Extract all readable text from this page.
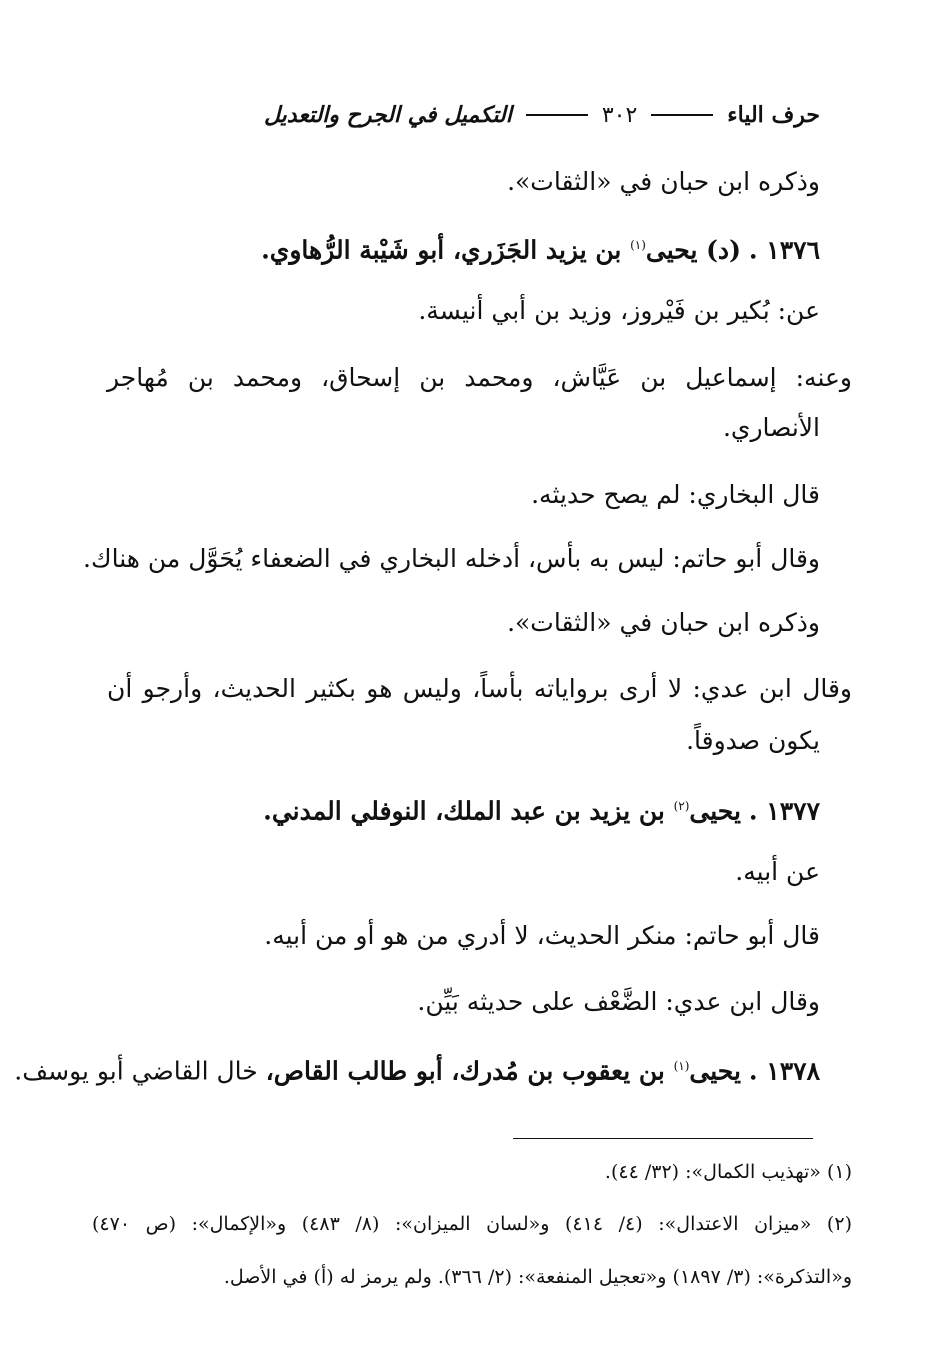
حرف الياء
٣٠٢
التكميل في الجرح والتعديل
وذكره ابن حبان في «الثقات».
١٣٧٦ . (د) يحيى$^{(١)}$ بن يزيد الجَزَري، أبو شَيْبة الرُّهاوي.
عن: بُكير بن فَيْروز، وزيد بن أبي أنيسة.
وعنه: إسماعيل بن عَيَّاش، ومحمد بن إسحاق، ومحمد بن مُهاجر
الأنصاري.
قال البخاري: لم يصح حديثه.
وقال أبو حاتم: ليس به بأس، أدخله البخاري في الضعفاء يُحَوَّل من هناك.
وذكره ابن حبان في «الثقات».
وقال ابن عدي: لا أرى برواياته بأساً، وليس هو بكثير الحديث، وأرجو أن
يكون صدوقاً.
١٣٧٧ . يحيى$^{(٢)}$ بن يزيد بن عبد الملك، النوفلي المدني.
عن أبيه.
قال أبو حاتم: منكر الحديث، لا أدري من هو أو من أبيه.
وقال ابن عدي: الضَّعْف على حديثه بَيِّن.
١٣٧٨ . يحيى$^{(١)}$ بن يعقوب بن مُدرك، أبو طالب القاص، خال القاضي أبو يوسف.
(١) «تهذيب الكمال»: (٣٢/ ٤٤).
(٢) «ميزان الاعتدال»: (٤/ ٤١٤) و«لسان الميزان»: (٨/ ٤٨٣) و«الإكمال»: (ص ٤٧٠)
و«التذكرة»: (٣/ ١٨٩٧) و«تعجيل المنفعة»: (٢/ ٣٦٦). ولم يرمز له (أ) في الأصل.
